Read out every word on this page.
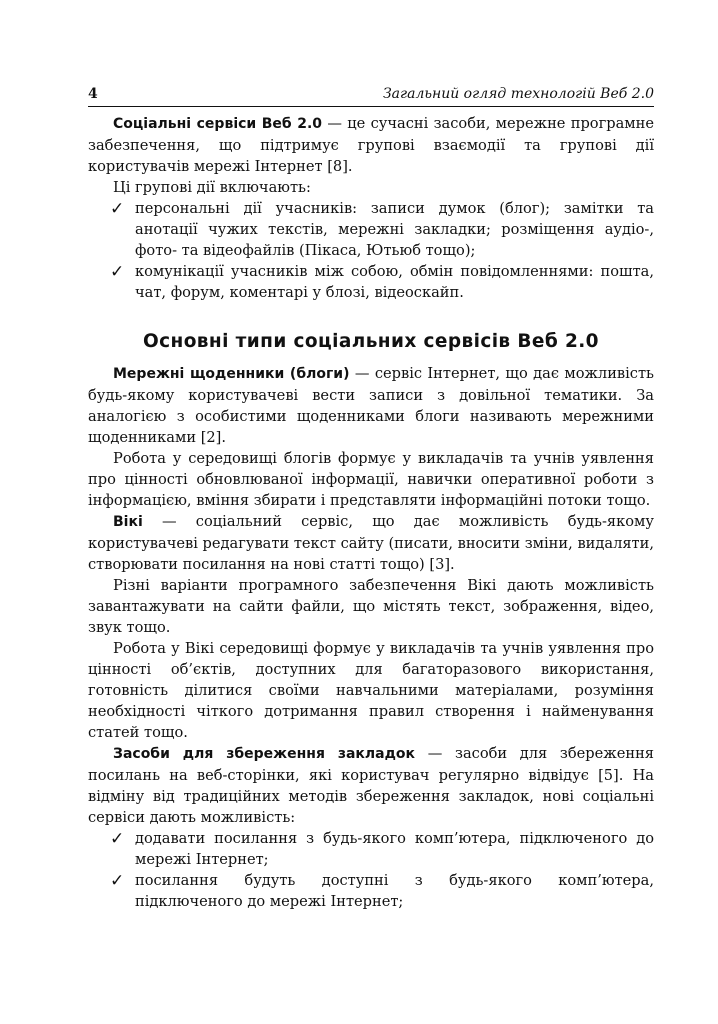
4	Загальний огляд технологій Веб 2.0

Соціальні сервіси Веб 2.0 — це сучасні засоби, мережне програмне забезпечення, що підтримує групові взаємодії та групові дії користувачів мережі Інтернет [8].

Ці групові дії включають:

✓ персональні дії учасників: записи думок (блог); замітки та анотації чужих текстів, мережні закладки; розміщення аудіо-, фото- та відеофайлів (Пікаса, Ютьюб тощо);
✓ комунікації учасників між собою, обмін повідомленнями: пошта, чат, форум, коментарі у блозі, відеоскайп.
Основні типи соціальних сервісів Веб 2.0

Мережні щоденники (блоги) — сервіс Інтернет, що дає можливість будь-якому користувачеві вести записи з довільної тематики. За аналогією з особистими щоденниками блоги називають мережними щоденниками [2].

Робота у середовищі блогів формує у викладачів та учнів уявлення про цінності обновлюваної інформації, навички оперативної роботи з інформацією, вміння збирати і представляти інформаційні потоки тощо.

Вікі — соціальний сервіс, що дає можливість будь-якому користувачеві редагувати текст сайту (писати, вносити зміни, видаляти, створювати посилання на нові статті тощо) [3].

Різні варіанти програмного забезпечення Вікі дають можливість завантажувати на сайти файли, що містять текст, зображення, відео, звук тощо.

Робота у Вікі середовищі формує у викладачів та учнів уявлення про цінності об’єктів, доступних для багаторазового використання, готовність ділитися своїми навчальними матеріалами, розуміння необхідності чіткого дотримання правил створення і найменування статей тощо.

Засоби для збереження закладок — засоби для збереження посилань на веб-сторінки, які користувач регулярно відвідує [5]. На відміну від традиційних методів збереження закладок, нові соціальні сервіси дають можливість:

✓ додавати посилання з будь-якого комп’ютера, підключеного до мережі Інтернет;
✓ посилання будуть доступні з будь-якого комп’ютера, підключеного до мережі Інтернет;
